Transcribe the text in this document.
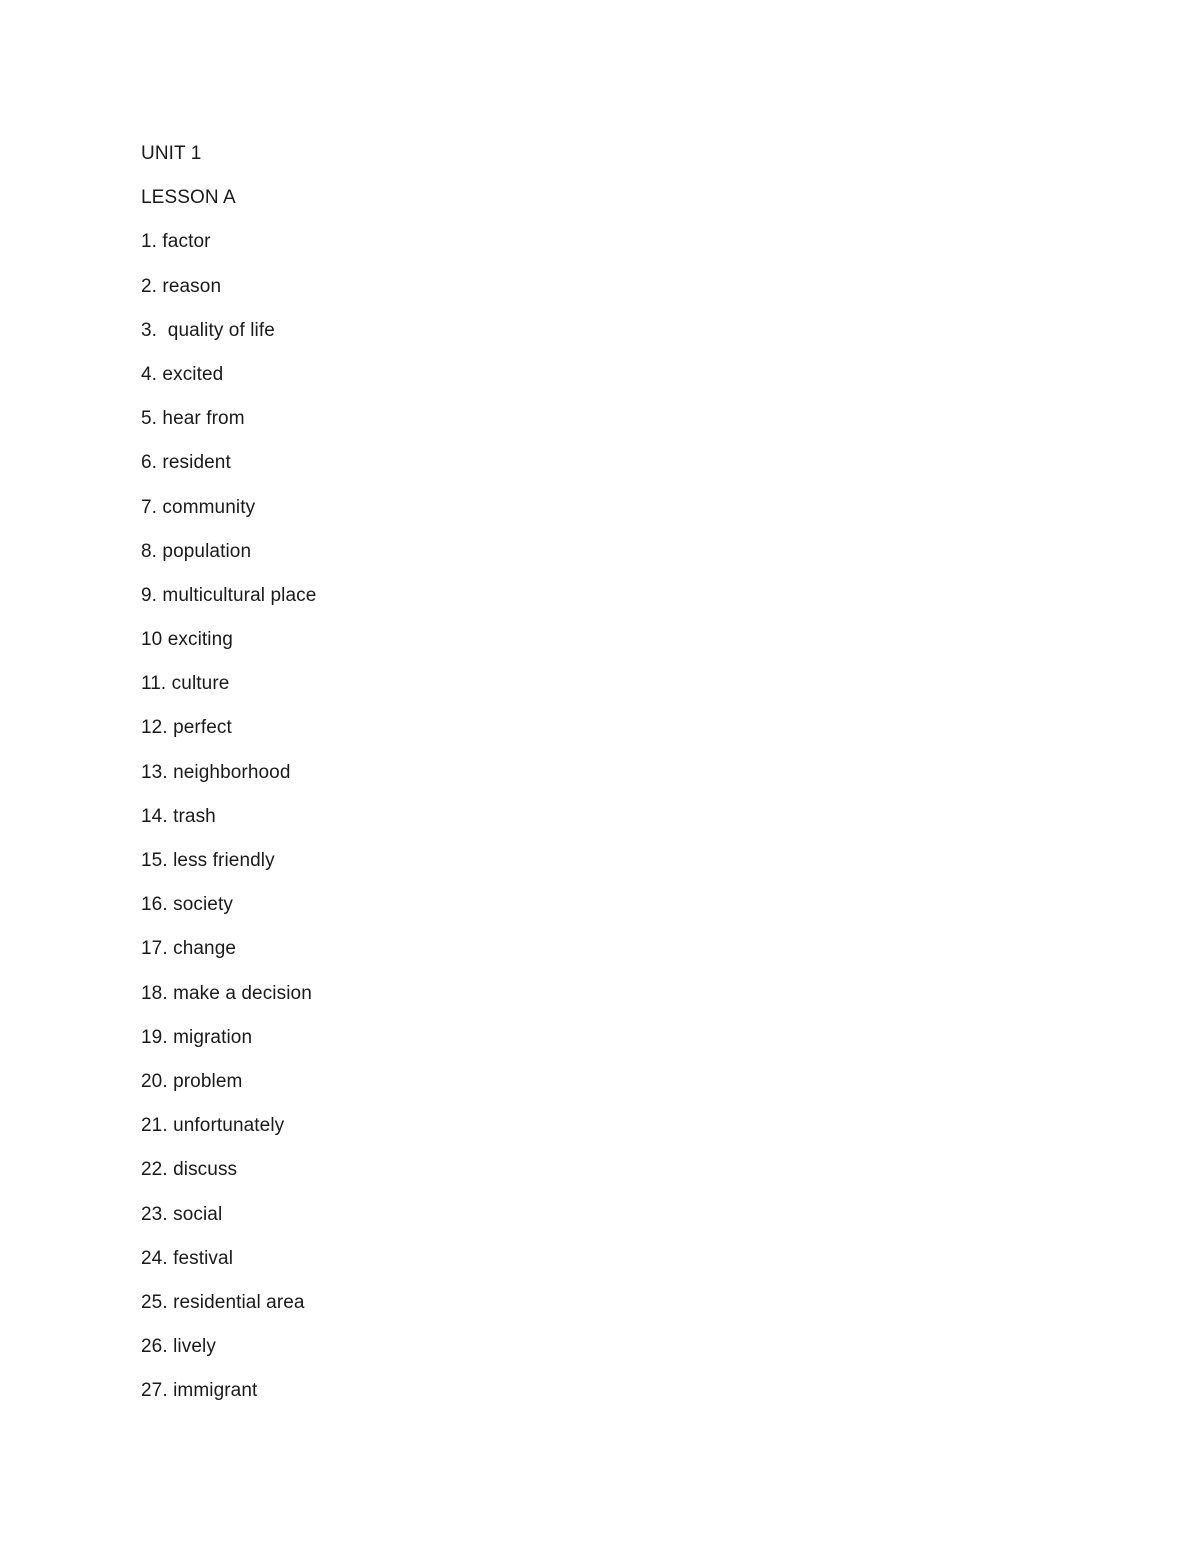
UNIT 1
LESSON A
1. factor
2. reason
3.  quality of life
4. excited
5. hear from
6. resident
7. community
8. population
9. multicultural place
10 exciting
11. culture
12. perfect
13. neighborhood
14. trash
15. less friendly
16. society
17. change
18. make a decision
19. migration
20. problem
21. unfortunately
22. discuss
23. social
24. festival
25. residential area
26. lively
27. immigrant
